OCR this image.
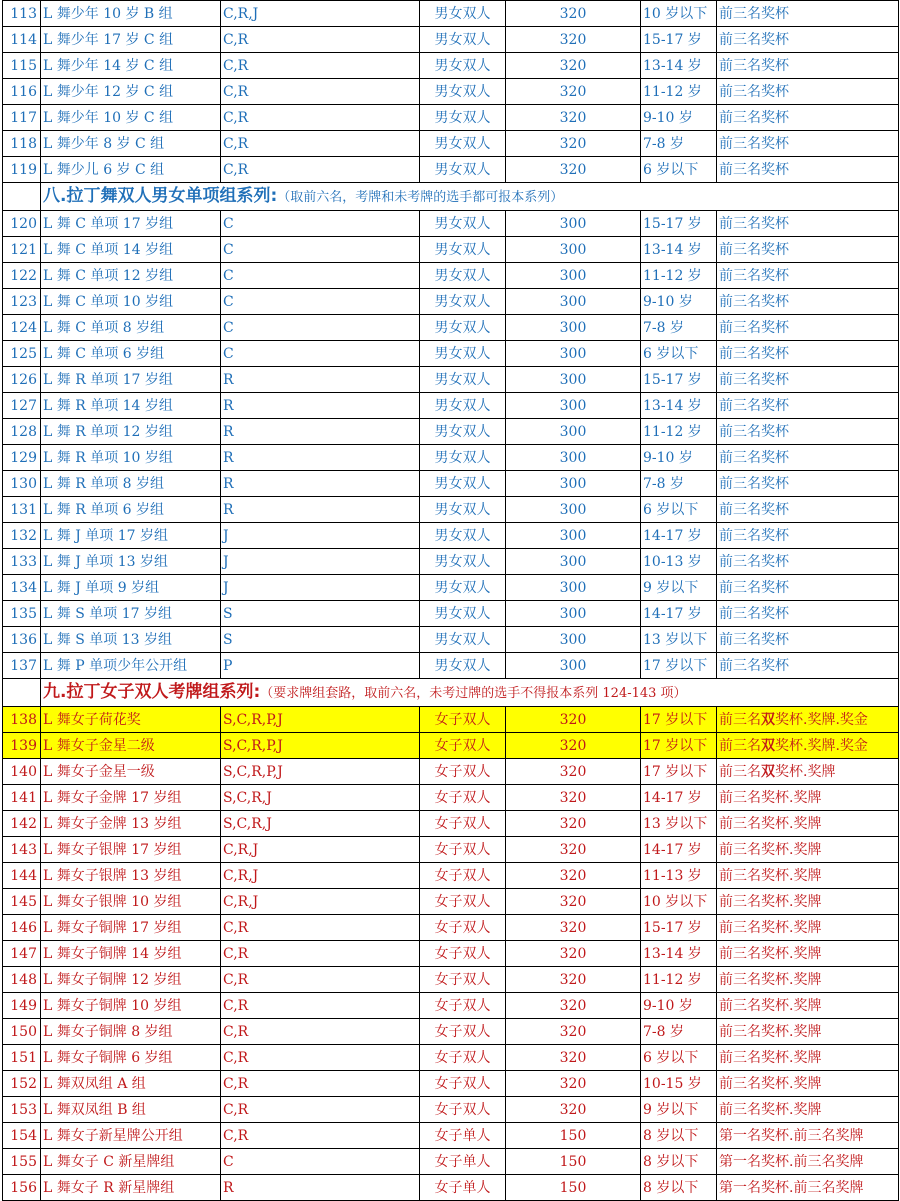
113	L 舞少年 10 岁 B 组	C,R,J	男女双人	320	10 岁以下	前三名奖杯
114	L 舞少年 17 岁 C 组	C,R	男女双人	320	15-17 岁	前三名奖杯
115	L 舞少年 14 岁 C 组	C,R	男女双人	320	13-14 岁	前三名奖杯
116	L 舞少年 12 岁 C 组	C,R	男女双人	320	11-12 岁	前三名奖杯
117	L 舞少年 10 岁 C 组	C,R	男女双人	320	9-10 岁	前三名奖杯
118	L 舞少年 8 岁 C 组	C,R	男女双人	320	7-8 岁	前三名奖杯
119	L 舞少儿 6 岁 C 组	C,R	男女双人	320	6 岁以下	前三名奖杯
	八.拉丁舞双人男女单项组系列:（取前六名，考牌和未考牌的选手都可报本系列）					
120	L 舞 C 单项 17 岁组	C	男女双人	300	15-17 岁	前三名奖杯
121	L 舞 C 单项 14 岁组	C	男女双人	300	13-14 岁	前三名奖杯
122	L 舞 C 单项 12 岁组	C	男女双人	300	11-12 岁	前三名奖杯
123	L 舞 C 单项 10 岁组	C	男女双人	300	9-10 岁	前三名奖杯
124	L 舞 C 单项 8 岁组	C	男女双人	300	7-8 岁	前三名奖杯
125	L 舞 C 单项 6 岁组	C	男女双人	300	6 岁以下	前三名奖杯
126	L 舞 R 单项 17 岁组	R	男女双人	300	15-17 岁	前三名奖杯
127	L 舞 R 单项 14 岁组	R	男女双人	300	13-14 岁	前三名奖杯
128	L 舞 R 单项 12 岁组	R	男女双人	300	11-12 岁	前三名奖杯
129	L 舞 R 单项 10 岁组	R	男女双人	300	9-10 岁	前三名奖杯
130	L 舞 R 单项 8 岁组	R	男女双人	300	7-8 岁	前三名奖杯
131	L 舞 R 单项 6 岁组	R	男女双人	300	6 岁以下	前三名奖杯
132	L 舞 J 单项 17 岁组	J	男女双人	300	14-17 岁	前三名奖杯
133	L 舞 J 单项 13 岁组	J	男女双人	300	10-13 岁	前三名奖杯
134	L 舞 J 单项 9 岁组	J	男女双人	300	9 岁以下	前三名奖杯
135	L 舞 S 单项 17 岁组	S	男女双人	300	14-17 岁	前三名奖杯
136	L 舞 S 单项 13 岁组	S	男女双人	300	13 岁以下	前三名奖杯
137	L 舞 P 单项少年公开组	P	男女双人	300	17 岁以下	前三名奖杯
	九.拉丁女子双人考牌组系列:（要求牌组套路，取前六名，未考过牌的选手不得报本系列 124-143 项）					
138	L 舞女子荷花奖	S,C,R,P,J	女子双人	320	17 岁以下	前三名双奖杯.奖牌.奖金
139	L 舞女子金星二级	S,C,R,P,J	女子双人	320	17 岁以下	前三名双奖杯.奖牌.奖金
140	L 舞女子金星一级	S,C,R,P,J	女子双人	320	17 岁以下	前三名双奖杯.奖牌
141	L 舞女子金牌 17 岁组	S,C,R,J	女子双人	320	14-17 岁	前三名奖杯.奖牌
142	L 舞女子金牌 13 岁组	S,C,R,J	女子双人	320	13 岁以下	前三名奖杯.奖牌
143	L 舞女子银牌 17 岁组	C,R,J	女子双人	320	14-17 岁	前三名奖杯.奖牌
144	L 舞女子银牌 13 岁组	C,R,J	女子双人	320	11-13 岁	前三名奖杯.奖牌
145	L 舞女子银牌 10 岁组	C,R,J	女子双人	320	10 岁以下	前三名奖杯.奖牌
146	L 舞女子铜牌 17 岁组	C,R	女子双人	320	15-17 岁	前三名奖杯.奖牌
147	L 舞女子铜牌 14 岁组	C,R	女子双人	320	13-14 岁	前三名奖杯.奖牌
148	L 舞女子铜牌 12 岁组	C,R	女子双人	320	11-12 岁	前三名奖杯.奖牌
149	L 舞女子铜牌 10 岁组	C,R	女子双人	320	9-10 岁	前三名奖杯.奖牌
150	L 舞女子铜牌 8 岁组	C,R	女子双人	320	7-8 岁	前三名奖杯.奖牌
151	L 舞女子铜牌 6 岁组	C,R	女子双人	320	6 岁以下	前三名奖杯.奖牌
152	L 舞双凤组 A 组	C,R	女子双人	320	10-15 岁	前三名奖杯.奖牌
153	L 舞双凤组 B 组	C,R	女子双人	320	9 岁以下	前三名奖杯.奖牌
154	L 舞女子新星牌公开组	C,R	女子单人	150	8 岁以下	第一名奖杯.前三名奖牌
155	L 舞女子 C 新星牌组	C	女子单人	150	8 岁以下	第一名奖杯.前三名奖牌
156	L 舞女子 R 新星牌组	R	女子单人	150	8 岁以下	第一名奖杯.前三名奖牌
